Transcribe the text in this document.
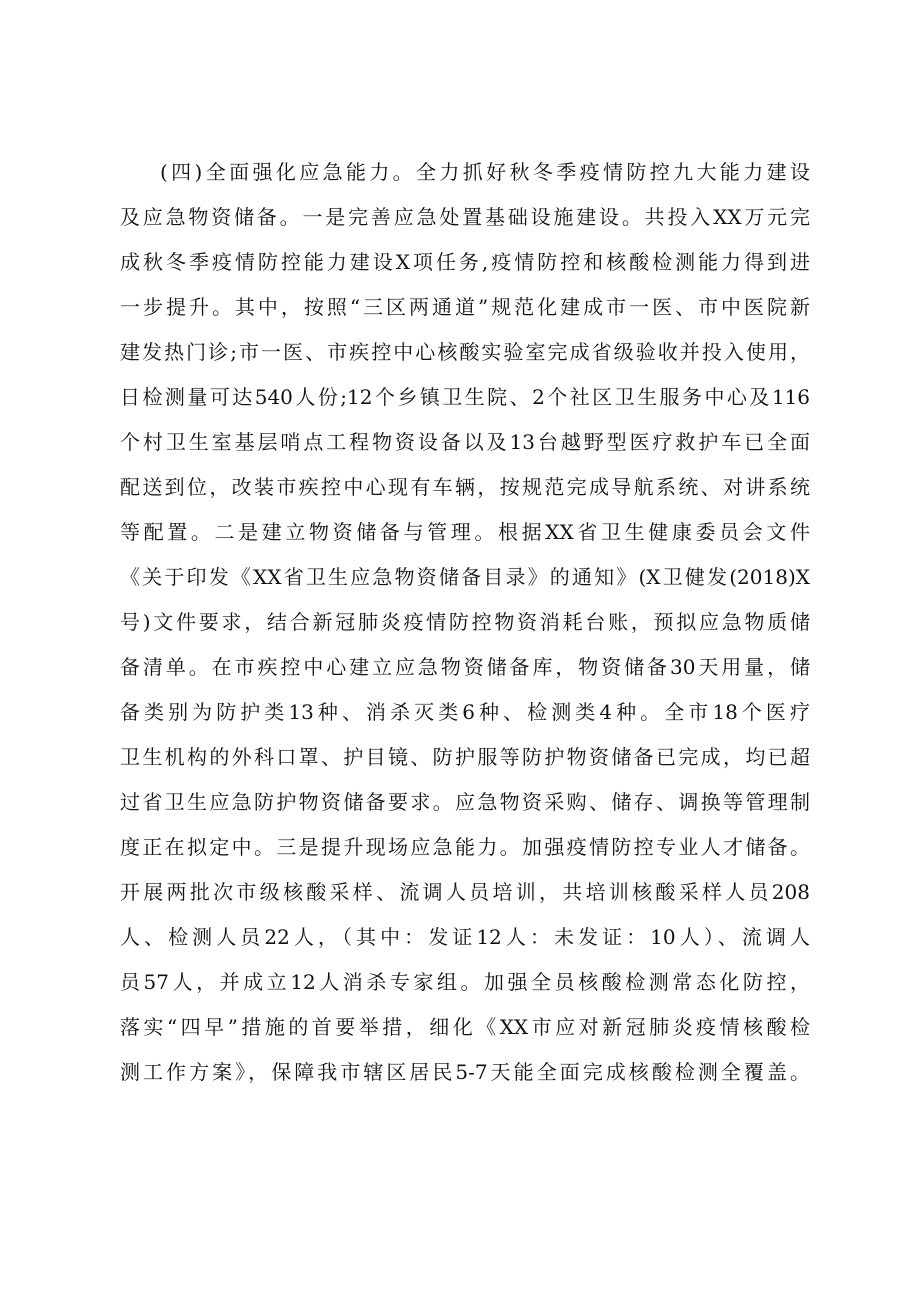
(四)全面强化应急能力。全力抓好秋冬季疫情防控九大能力建设
及应急物资储备。一是完善应急处置基础设施建设。共投入XX万元完
成秋冬季疫情防控能力建设X项任务,疫情防控和核酸检测能力得到进
一步提升。其中，按照“三区两通道”规范化建成市一医、市中医院新
建发热门诊;市一医、市疾控中心核酸实验室完成省级验收并投入使用，
日检测量可达540人份;12个乡镇卫生院、2个社区卫生服务中心及116
个村卫生室基层哨点工程物资设备以及13台越野型医疗救护车已全面
配送到位，改装市疾控中心现有车辆，按规范完成导航系统、对讲系统
等配置。二是建立物资储备与管理。根据XX省卫生健康委员会文件
《关于印发《XX省卫生应急物资储备目录》的通知》(X卫健发(2018)X
号)文件要求，结合新冠肺炎疫情防控物资消耗台账，预拟应急物质储
备清单。在市疾控中心建立应急物资储备库，物资储备30天用量，储
备类别为防护类13种、消杀灭类6种、检测类4种。全市18个医疗
卫生机构的外科口罩、护目镜、防护服等防护物资储备已完成，均已超
过省卫生应急防护物资储备要求。应急物资采购、储存、调换等管理制
度正在拟定中。三是提升现场应急能力。加强疫情防控专业人才储备。
开展两批次市级核酸采样、流调人员培训，共培训核酸采样人员208
人、检测人员22人，（其中：发证12人：未发证：10人）、流调人
员57人，并成立12人消杀专家组。加强全员核酸检测常态化防控，
落实“四早”措施的首要举措，细化《XX市应对新冠肺炎疫情核酸检
测工作方案》，保障我市辖区居民5-7天能全面完成核酸检测全覆盖。
